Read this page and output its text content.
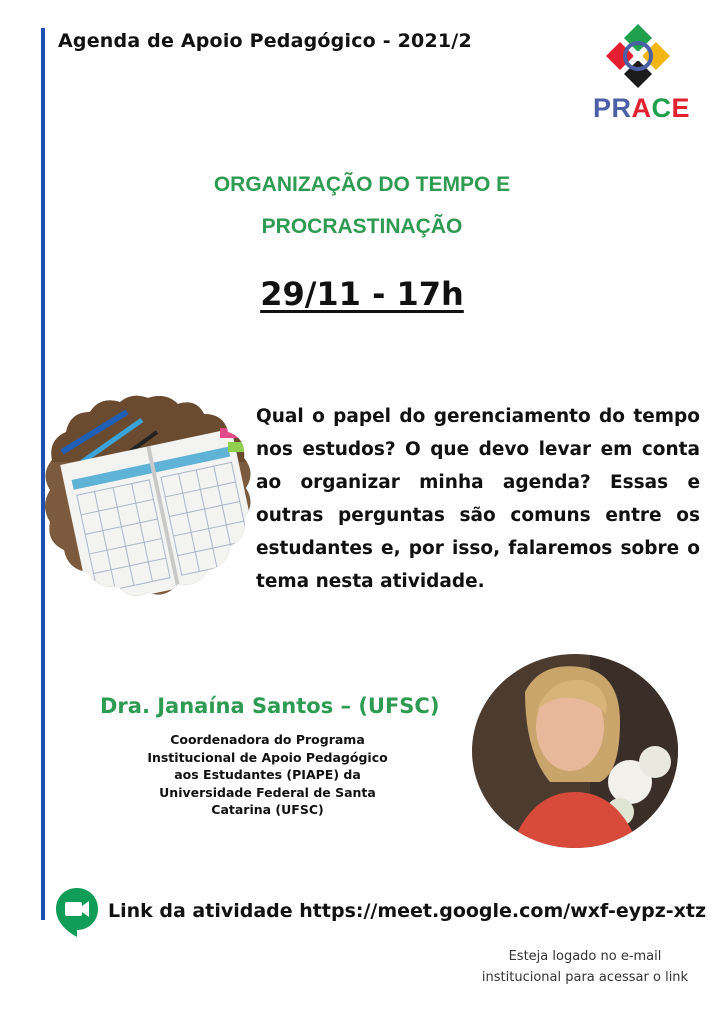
Agenda de Apoio Pedagógico - 2021/2
PRACE
ORGANIZAÇÃO DO TEMPO E
PROCRASTINAÇÃO
29/11 - 17h
Qual o papel do gerenciamento do tempo nos estudos? O que devo levar em conta ao organizar minha agenda? Essas e outras perguntas são comuns entre os estudantes e, por isso, falaremos sobre o tema nesta atividade.
Dra. Janaína Santos – (UFSC)
Coordenadora do Programa
Institucional de Apoio Pedagógico
aos Estudantes (PIAPE) da
Universidade Federal de Santa
Catarina (UFSC)
Link da atividade https://meet.google.com/wxf-eypz-xtz
Esteja logado no e-mail
institucional para acessar o link
